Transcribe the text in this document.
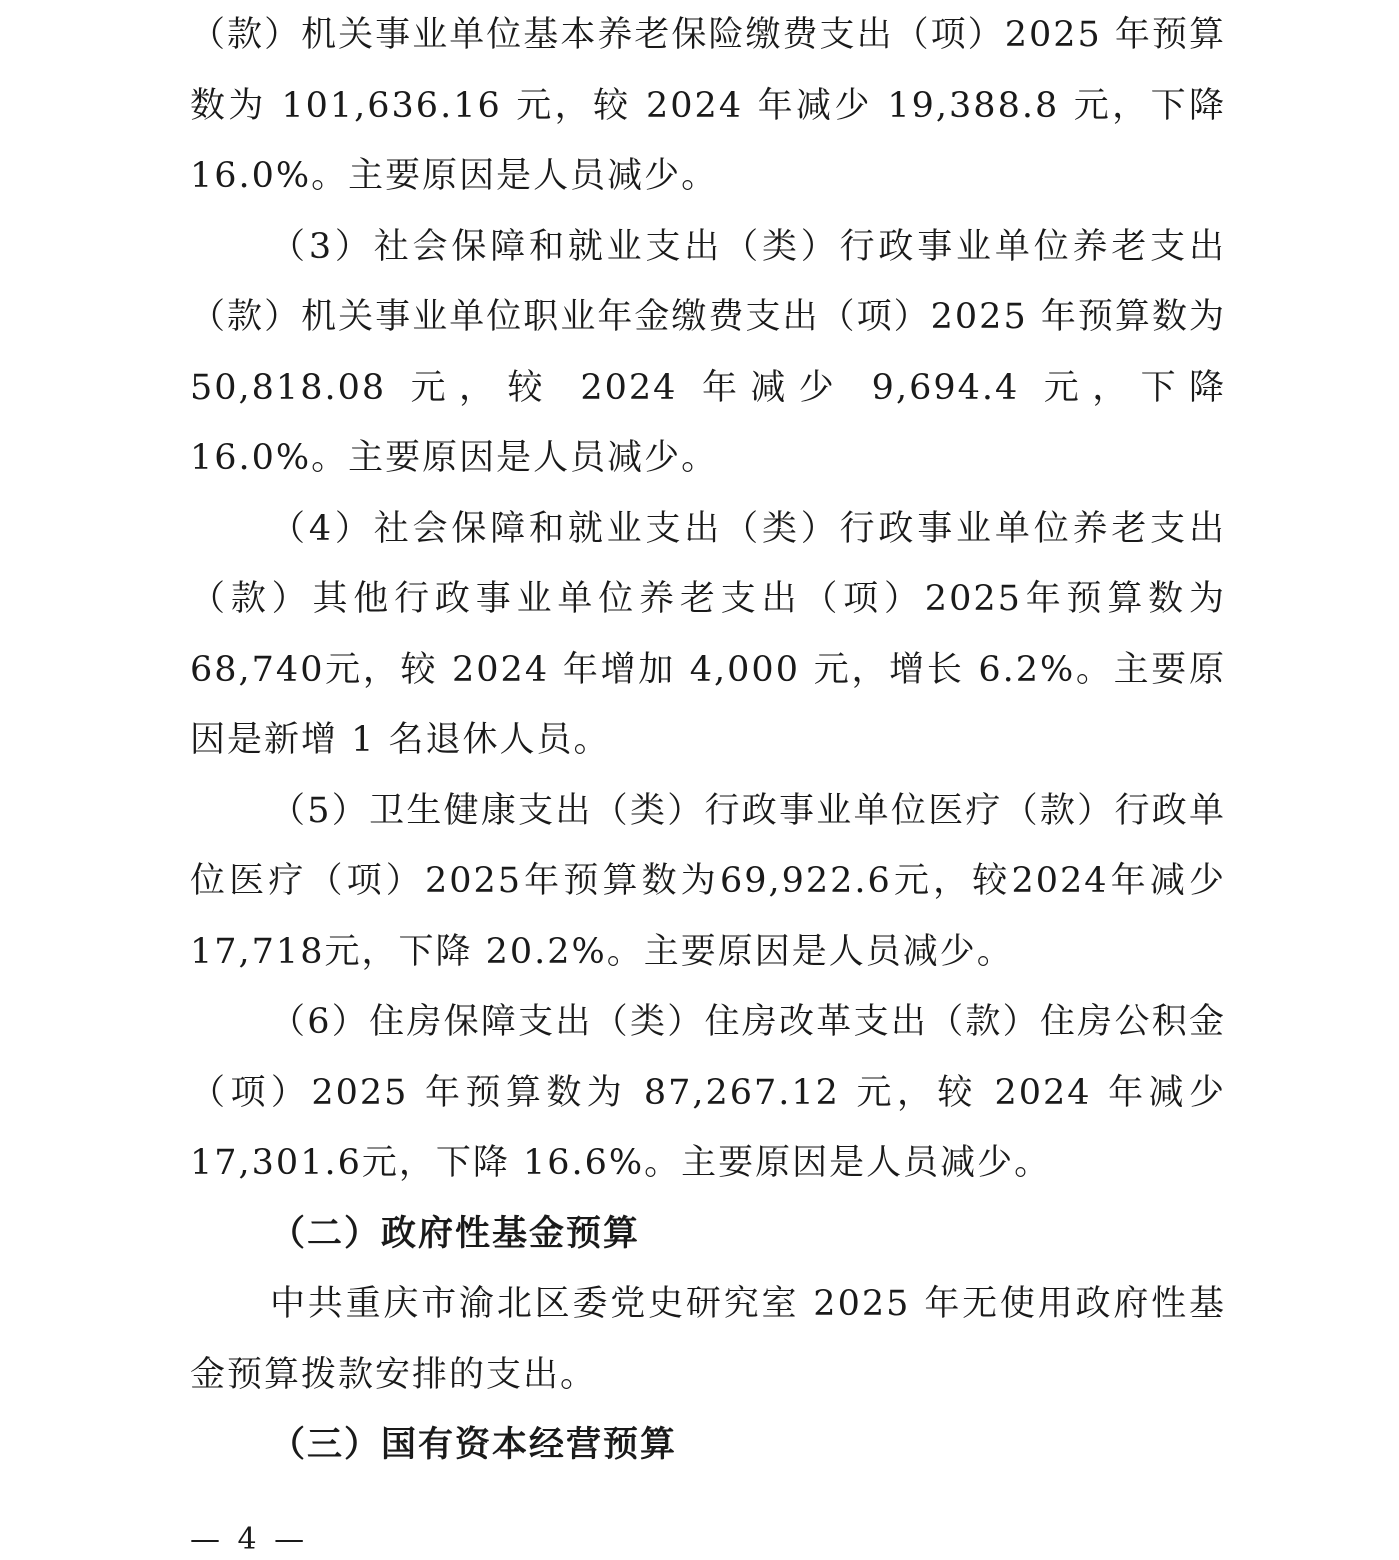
（款）机关事业单位基本养老保险缴费支出（项）2025 年预算数为 101,636.16 元，较 2024 年减少 19,388.8 元，下降 16.0%。主要原因是人员减少。

（3）社会保障和就业支出（类）行政事业单位养老支出（款）机关事业单位职业年金缴费支出（项）2025 年预算数为50,818.08 元，较 2024 年减少 9,694.4 元，下降 16.0%。主要原因是人员减少。

（4）社会保障和就业支出（类）行政事业单位养老支出（款）其他行政事业单位养老支出（项）2025年预算数为68,740元，较 2024 年增加 4,000 元，增长 6.2%。主要原因是新增 1 名退休人员。

（5）卫生健康支出（类）行政事业单位医疗（款）行政单位医疗（项）2025年预算数为69,922.6元，较2024年减少17,718元，下降 20.2%。主要原因是人员减少。

（6）住房保障支出（类）住房改革支出（款）住房公积金（项）2025 年预算数为 87,267.12 元，较 2024 年减少 17,301.6元，下降 16.6%。主要原因是人员减少。

（二）政府性基金预算

中共重庆市渝北区委党史研究室 2025 年无使用政府性基金预算拨款安排的支出。

（三）国有资本经营预算

— 4 —
